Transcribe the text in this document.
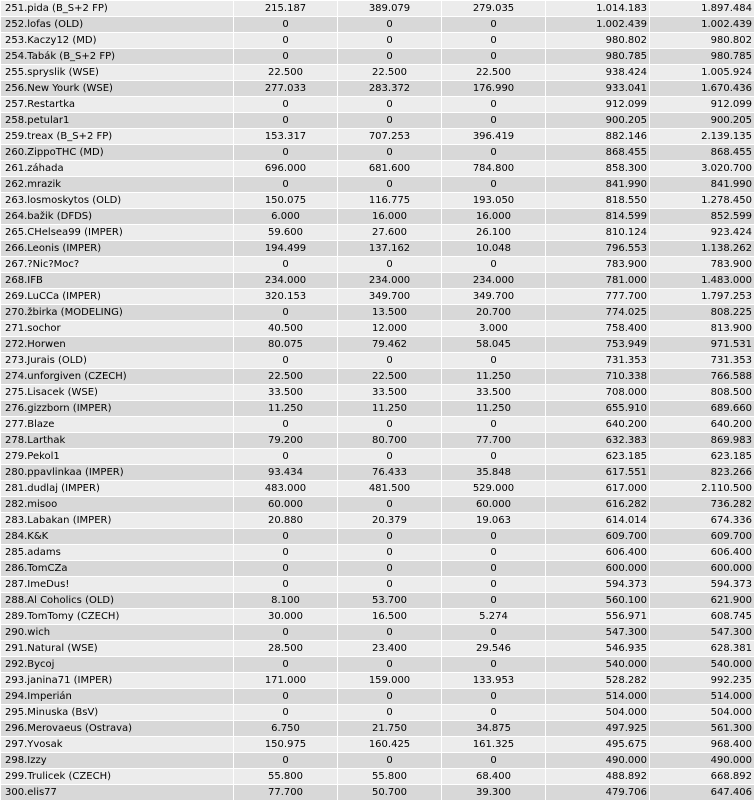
251.pida (B_S+2 FP)	215.187	389.079	279.035	1.014.183	1.897.484
252.lofas (OLD)	0	0	0	1.002.439	1.002.439
253.Kaczy12 (MD)	0	0	0	980.802	980.802
254.Tabák (B_S+2 FP)	0	0	0	980.785	980.785
255.spryslik (WSE)	22.500	22.500	22.500	938.424	1.005.924
256.New Yourk (WSE)	277.033	283.372	176.990	933.041	1.670.436
257.Restartka	0	0	0	912.099	912.099
258.petular1	0	0	0	900.205	900.205
259.treax (B_S+2 FP)	153.317	707.253	396.419	882.146	2.139.135
260.ZippoTHC (MD)	0	0	0	868.455	868.455
261.záhada	696.000	681.600	784.800	858.300	3.020.700
262.mrazik	0	0	0	841.990	841.990
263.losmoskytos (OLD)	150.075	116.775	193.050	818.550	1.278.450
264.bažik (DFDS)	6.000	16.000	16.000	814.599	852.599
265.CHelsea99 (IMPER)	59.600	27.600	26.100	810.124	923.424
266.Leonis (IMPER)	194.499	137.162	10.048	796.553	1.138.262
267.?Nic?Moc?	0	0	0	783.900	783.900
268.IFB	234.000	234.000	234.000	781.000	1.483.000
269.LuCCa (IMPER)	320.153	349.700	349.700	777.700	1.797.253
270.žbirka (MODELING)	0	13.500	20.700	774.025	808.225
271.sochor	40.500	12.000	3.000	758.400	813.900
272.Horwen	80.075	79.462	58.045	753.949	971.531
273.Jurais (OLD)	0	0	0	731.353	731.353
274.unforgiven (CZECH)	22.500	22.500	11.250	710.338	766.588
275.Lisacek (WSE)	33.500	33.500	33.500	708.000	808.500
276.gizzborn (IMPER)	11.250	11.250	11.250	655.910	689.660
277.Blaze	0	0	0	640.200	640.200
278.Larthak	79.200	80.700	77.700	632.383	869.983
279.Pekol1	0	0	0	623.185	623.185
280.ppavlinkaa (IMPER)	93.434	76.433	35.848	617.551	823.266
281.dudlaj (IMPER)	483.000	481.500	529.000	617.000	2.110.500
282.misoo	60.000	0	60.000	616.282	736.282
283.Labakan (IMPER)	20.880	20.379	19.063	614.014	674.336
284.K&K	0	0	0	609.700	609.700
285.adams	0	0	0	606.400	606.400
286.TomCZa	0	0	0	600.000	600.000
287.ImeDus!	0	0	0	594.373	594.373
288.Al Coholics (OLD)	8.100	53.700	0	560.100	621.900
289.TomTomy (CZECH)	30.000	16.500	5.274	556.971	608.745
290.wich	0	0	0	547.300	547.300
291.Natural (WSE)	28.500	23.400	29.546	546.935	628.381
292.Bycoj	0	0	0	540.000	540.000
293.janina71 (IMPER)	171.000	159.000	133.953	528.282	992.235
294.Imperián	0	0	0	514.000	514.000
295.Minuska (BsV)	0	0	0	504.000	504.000
296.Merovaeus (Ostrava)	6.750	21.750	34.875	497.925	561.300
297.Yvosak	150.975	160.425	161.325	495.675	968.400
298.Izzy	0	0	0	490.000	490.000
299.Trulicek (CZECH)	55.800	55.800	68.400	488.892	668.892
300.elis77	77.700	50.700	39.300	479.706	647.406
